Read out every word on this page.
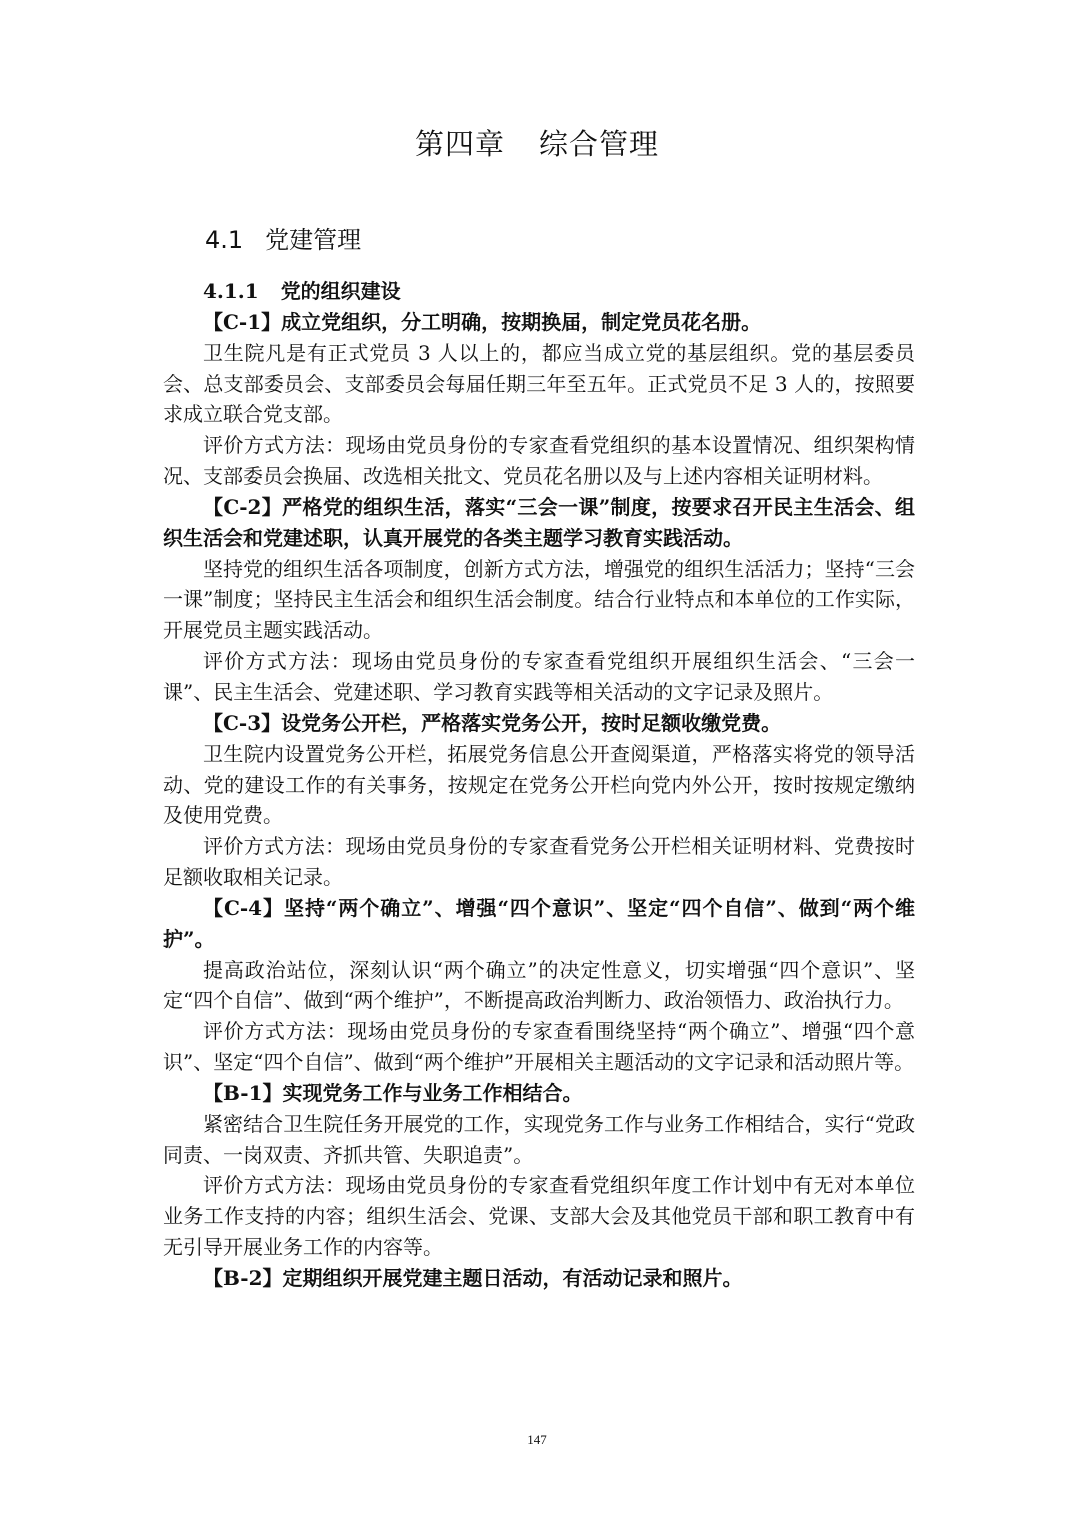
第四章 综合管理
4.1 党建管理

4.1.1 党的组织建设

【C-1】成立党组织，分工明确，按期换届，制定党员花名册。

卫生院凡是有正式党员 3 人以上的，都应当成立党的基层组织。党的基层委员会、总支部委员会、支部委员会每届任期三年至五年。正式党员不足 3 人的，按照要求成立联合党支部。

评价方式方法：现场由党员身份的专家查看党组织的基本设置情况、组织架构情况、支部委员会换届、改选相关批文、党员花名册以及与上述内容相关证明材料。

【C-2】严格党的组织生活，落实“三会一课”制度，按要求召开民主生活会、组织生活会和党建述职，认真开展党的各类主题学习教育实践活动。

坚持党的组织生活各项制度，创新方式方法，增强党的组织生活活力；坚持“三会一课”制度；坚持民主生活会和组织生活会制度。结合行业特点和本单位的工作实际，开展党员主题实践活动。

评价方式方法：现场由党员身份的专家查看党组织开展组织生活会、“三会一课”、民主生活会、党建述职、学习教育实践等相关活动的文字记录及照片。

【C-3】设党务公开栏，严格落实党务公开，按时足额收缴党费。

卫生院内设置党务公开栏，拓展党务信息公开查阅渠道，严格落实将党的领导活动、党的建设工作的有关事务，按规定在党务公开栏向党内外公开，按时按规定缴纳及使用党费。

评价方式方法：现场由党员身份的专家查看党务公开栏相关证明材料、党费按时足额收取相关记录。

【C-4】坚持“两个确立”、增强“四个意识”、坚定“四个自信”、做到“两个维护”。

提高政治站位，深刻认识“两个确立”的决定性意义，切实增强“四个意识”、坚定“四个自信”、做到“两个维护”，不断提高政治判断力、政治领悟力、政治执行力。

评价方式方法：现场由党员身份的专家查看围绕坚持“两个确立”、增强“四个意识”、坚定“四个自信”、做到“两个维护”开展相关主题活动的文字记录和活动照片等。

【B-1】实现党务工作与业务工作相结合。

紧密结合卫生院任务开展党的工作，实现党务工作与业务工作相结合，实行“党政同责、一岗双责、齐抓共管、失职追责”。

评价方式方法：现场由党员身份的专家查看党组织年度工作计划中有无对本单位业务工作支持的内容；组织生活会、党课、支部大会及其他党员干部和职工教育中有无引导开展业务工作的内容等。

【B-2】定期组织开展党建主题日活动，有活动记录和照片。

147
